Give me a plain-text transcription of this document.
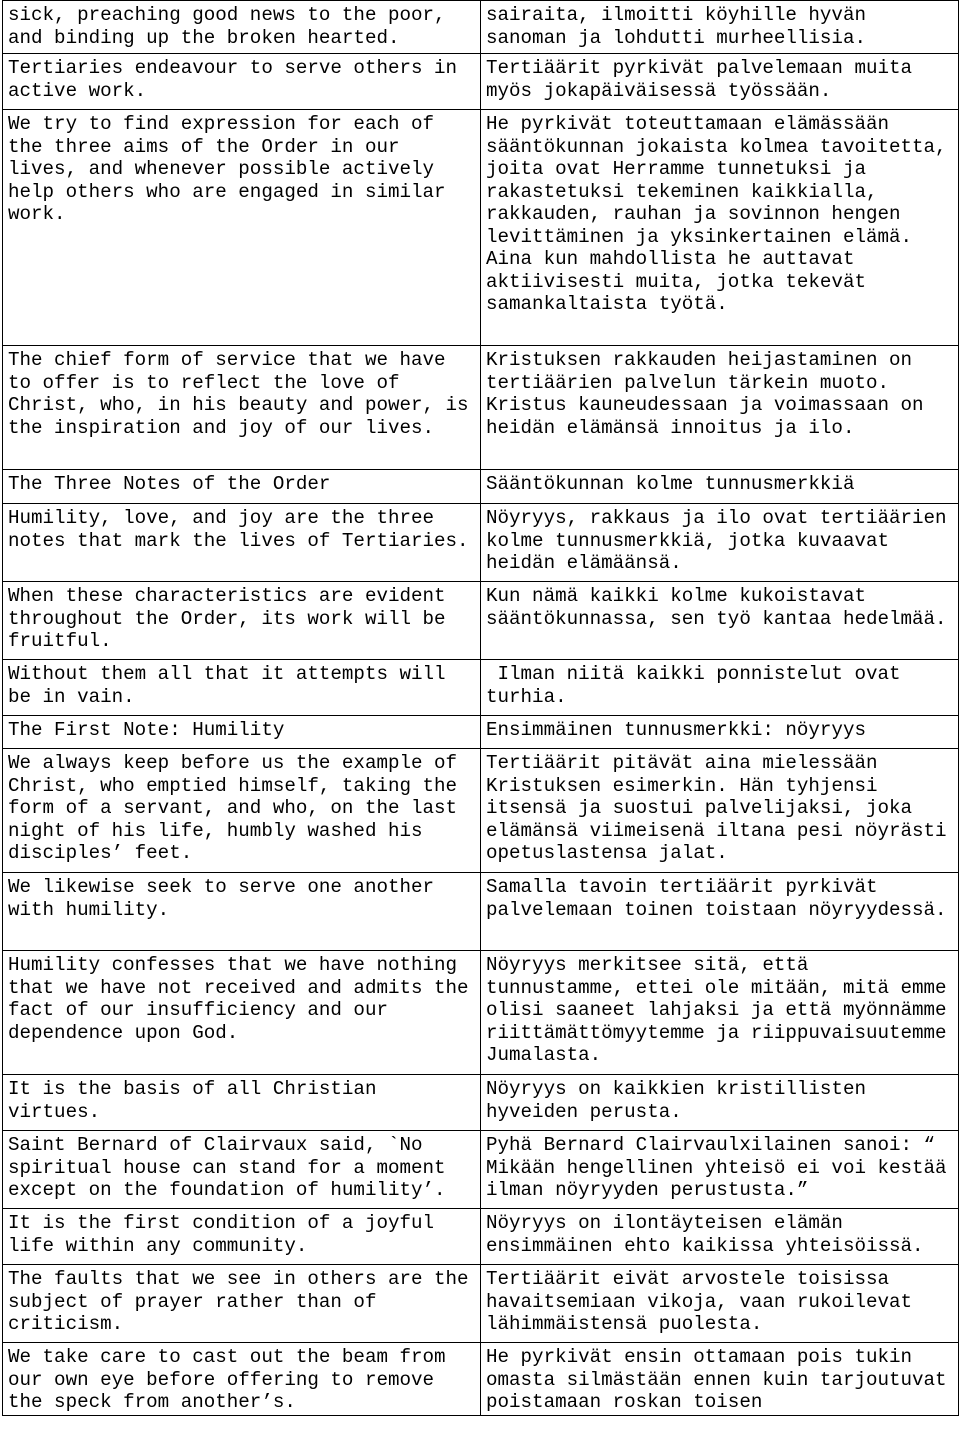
sick, preaching good news to the poor, and binding up the broken hearted.	sairaita, ilmoitti köyhille hyvän sanoman ja lohdutti murheellisia.
Tertiaries endeavour to serve others in active work.	Tertiäärit pyrkivät palvelemaan muita myös jokapäiväisessä työssään.
We try to find expression for each of the three aims of the Order in our lives, and whenever possible actively help others who are engaged in similar work.	He pyrkivät toteuttamaan elämässään sääntökunnan jokaista kolmea tavoitetta, joita ovat Herramme tunnetuksi ja rakastetuksi tekeminen kaikkialla, rakkauden, rauhan ja sovinnon hengen levittäminen ja yksinkertainen elämä. Aina kun mahdollista he auttavat aktiivisesti muita, jotka tekevät samankaltaista työtä.
The chief form of service that we have to offer is to reflect the love of Christ, who, in his beauty and power, is the inspiration and joy of our lives.	Kristuksen rakkauden heijastaminen on tertiäärien palvelun tärkein muoto. Kristus kauneudessaan ja voimassaan on heidän elämänsä innoitus ja ilo.
The Three Notes of the Order	Sääntökunnan kolme tunnusmerkkiä
Humility, love, and joy are the three notes that mark the lives of Tertiaries.	Nöyryys, rakkaus ja ilo ovat tertiäärien kolme tunnusmerkkiä, jotka kuvaavat heidän elämäänsä.
When these characteristics are evident throughout the Order, its work will be fruitful.	Kun nämä kaikki kolme kukoistavat sääntökunnassa, sen työ kantaa hedelmää.
Without them all that it attempts will be in vain.	Ilman niitä kaikki ponnistelut ovat turhia.
The First Note: Humility	Ensimmäinen tunnusmerkki: nöyryys
We always keep before us the example of Christ, who emptied himself, taking the form of a servant, and who, on the last night of his life, humbly washed his disciples’ feet.	Tertiäärit pitävät aina mielessään Kristuksen esimerkin. Hän tyhjensi itsensä ja suostui palvelijaksi, joka elämänsä viimeisenä iltana pesi nöyrästi opetuslastensa jalat.
We likewise seek to serve one another with humility.	Samalla tavoin tertiäärit pyrkivät palvelemaan toinen toistaan nöyryydessä.
Humility confesses that we have nothing that we have not received and admits the fact of our insufficiency and our dependence upon God.	Nöyryys merkitsee sitä, että tunnustamme, ettei ole mitään, mitä emme olisi saaneet lahjaksi ja että myönnämme riittämättömyytemme ja riippuvaisuutemme Jumalasta.
It is the basis of all Christian virtues.	Nöyryys on kaikkien kristillisten hyveiden perusta.
Saint Bernard of Clairvaux said, `No spiritual house can stand for a moment except on the foundation of humility’.	Pyhä Bernard Clairvaulxilainen sanoi: “ Mikään hengellinen yhteisö ei voi kestää ilman nöyryyden perustusta.”
It is the first condition of a joyful life within any community.	Nöyryys on ilontäyteisen elämän ensimmäinen ehto kaikissa yhteisöissä.
The faults that we see in others are the subject of prayer rather than of criticism.	Tertiäärit eivät arvostele toisissa havaitsemiaan vikoja, vaan rukoilevat lähimmäistensä puolesta.
We take care to cast out the beam from our own eye before offering to remove the speck from another’s.	He pyrkivät ensin ottamaan pois tukin omasta silmästään ennen kuin tarjoutuvat poistamaan roskan toisen
